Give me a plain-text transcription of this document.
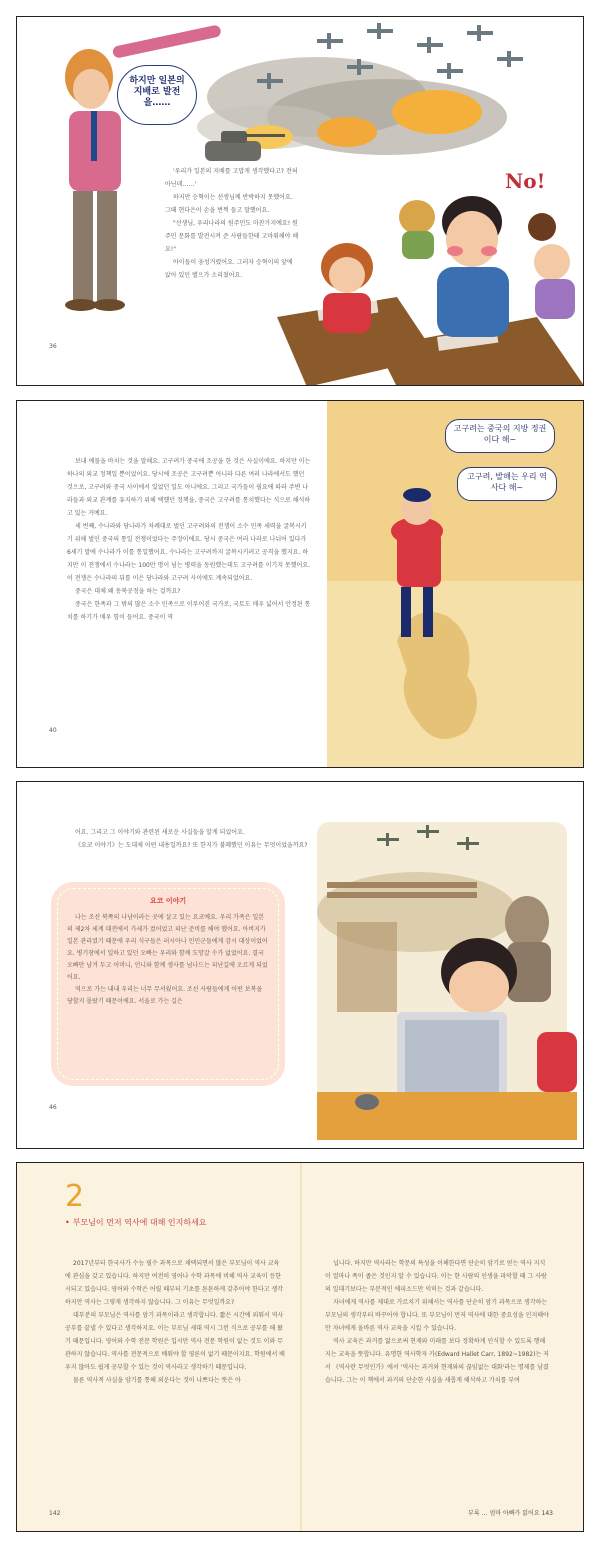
하지만 일본의 지배로 발전을……
No!

'우리가 일본의 지배를 고맙게 생각했다고? 전혀 아닌데……'

하지만 승혁이는 선생님께 반박하지 못했어요. 그때 현다은이 손을 번쩍 들고 말했어요.

"선생님, 우리나라의 원주민도 마찬가지예요! 원주민 문화를 발전시켜 준 사람들한테 고마워해야 해요!"

아이들이 웅성거렸어요. 그러자 승혁이의 앞에 앉아 있던 별으가 소리쳤어요.

36
고구려는 중국의 지방 정권이다 해~
고구려, 발해는 우리 역사다 해~

보내 예물을 바치는 것을 말해요. 고구려가 중국에 조공을 한 것은 사실이에요. 하지만 이는 하나의 외교 정책일 뿐이었어요. 당시에 조공은 고구려뿐 아니라 다른 여러 나라에서도 했던 것으로, 고구려와 중국 사이에서 있었던 일도 아니에요. 그리고 국가들이 필요에 따라 주변 나라들과 외교 관계를 유지하기 위해 택했던 정책을, 중국은 고구려를 통치했다는 식으로 해석하고 있는 거예요.

세 번째, 수나라와 당나라가 차례대로 벌인 고구려와의 전쟁이 소수 민족 세력을 굴복시키기 위해 벌인 중국의 통일 전쟁이었다는 주장이에요. 당시 중국은 여러 나라로 나뉘어 있다가 6세기 말에 수나라가 이를 통일했어요. 수나라는 고구려까지 굴복시키려고 공격을 했지요. 하지만 이 전쟁에서 수나라는 100만 명이 넘는 병력을 동원했는데도 고구려를 이기지 못했어요. 이 전쟁은 수나라의 뒤를 이은 당나라와 고구려 사이에도 계속되었어요.

중국은 대체 왜 동북공정을 하는 걸까요?

중국은 한족과 그 밖의 많은 소수 민족으로 이루어진 국가로, 국토도 매우 넓어서 안정된 통치를 하기가 매우 힘이 들어요. 중국이 역

40

어요. 그리고 그 이야기와 관련된 새로운 사실들을 알게 되었어요.

《요코 이야기》는 도대체 어떤 내용일까요? 또 한지가 불쾌했던 이유는 무엇이었을까요?

요코 이야기

나는 조선 북쪽의 나남이라는 곳에 살고 있는 요코예요. 우리 가족은 일본의 제2차 세계 대전에서 가세가 컸어었고 피난 준비를 해야 했어요. 아버지가 일본 관리였기 때문에 우리 식구들은 러시아나 민민군들에게 감시 대상이었어요. 병기창에서 일하고 있던 오빠는 우리와 함께 도망갈 수가 없었어요. 결국 오빠만 남겨 두고 어머니, 언니와 함께 생사를 넘나드는 피난길에 오르게 되었어요.

역으로 가는 내내 우리는 너무 무서웠어요. 조선 사람들에게 어떤 보복을 당할지 몰랐기 때문이에요. 서울로 가는 길은

46
2
• 부모님이 먼저 역사에 대해 인지하세요

2017년부터 한국사가 수능 필수 과목으로 채택되면서 많은 부모님이 역사 교육에 관심을 갖고 있습니다. 하지만 여전히 영어나 수학 과목에 비해 역사 교육이 등한시되고 있습니다. 영어와 수학은 어릴 때부터 기초를 튼튼하게 갖추어야 한다고 생각하지만 역사는 그렇게 생각하지 않습니다. 그 이유는 무엇일까요?

대부분의 부모님은 역사를 암기 과목이라고 생각합니다. 짧은 시간에 외워서 역사 공부를 끝낼 수 있다고 생각하지요. 이는 부모님 세대 역시 그런 식으로 공부를 해 왔기 때문입니다. 영어와 수학 전문 학원은 입시만 역사 전문 학원이 없는 것도 이와 무관하지 않습니다. 역사를 전문적으로 배워야 할 영론이 없기 때문이지요. 학원에서 배우지 않아도 쉽게 공부할 수 있는 것이 역사라고 생각하기 때문입니다.

물론 역사적 사실을 암기를 통해 외운다는 것이 나쁘다는 뜻은 아

닙니다. 하지만 역사라는 학문의 특성을 이해한다면 단순히 암기로 얻는 역사 지식이 얼마나 폭이 좁은 것인지 알 수 있습니다. 이는 한 사람의 인생을 파악할 때 그 사람의 일대기보다는 부분적인 에피소드만 익히는 것과 같습니다.

자녀에게 역사를 제대로 가르치기 위해서는 역사를 단순히 암기 과목으로 생각하는 부모님의 생각부터 바꾸어야 합니다. 또 부모님이 먼저 역사에 대한 중요성을 인지해야만 자녀에게 올바른 역사 교육을 시킬 수 있습니다.

역사 교육은 과거를 앎으로써 현재와 미래를 보다 정확하게 인식할 수 있도록 행해지는 교육을 뜻합니다. 유명한 역사학자 카(Edward Hallet Carr, 1892~1982)는 저서 《역사란 무엇인가》에서 '역사는 과거와 현재와의 끊임없는 대화'라는 명제를 남겼습니다. 그는 이 책에서 과거의 단순한 사실을 새롭게 해석하고 가치를 부여

142	부록 … 엄마 아빠가 읽어요 143
